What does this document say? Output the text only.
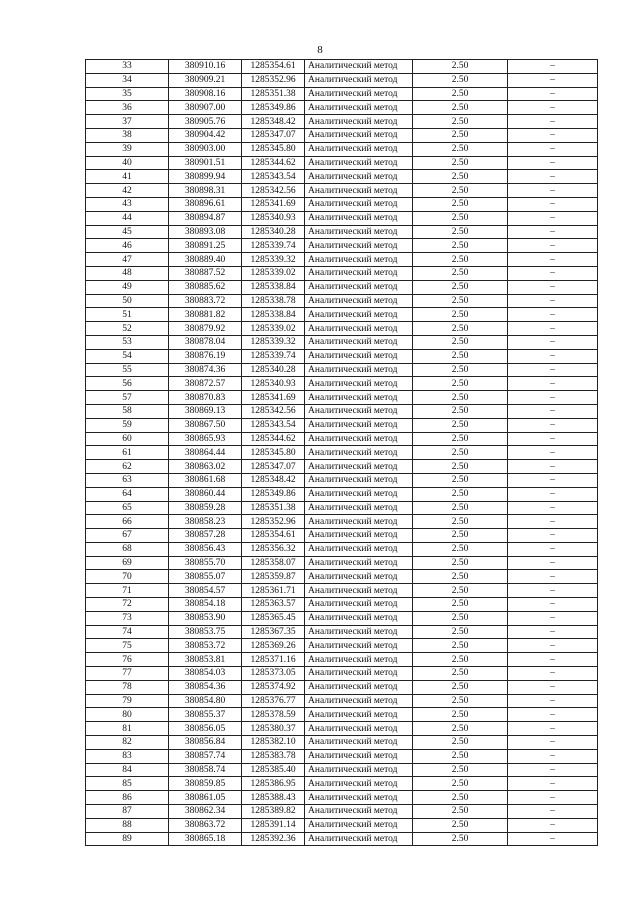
8
33	380910.16	1285354.61	Аналитический метод	2.50	–
34	380909.21	1285352.96	Аналитический метод	2.50	–
35	380908.16	1285351.38	Аналитический метод	2.50	–
36	380907.00	1285349.86	Аналитический метод	2.50	–
37	380905.76	1285348.42	Аналитический метод	2.50	–
38	380904.42	1285347.07	Аналитический метод	2.50	–
39	380903.00	1285345.80	Аналитический метод	2.50	–
40	380901.51	1285344.62	Аналитический метод	2.50	–
41	380899.94	1285343.54	Аналитический метод	2.50	–
42	380898.31	1285342.56	Аналитический метод	2.50	–
43	380896.61	1285341.69	Аналитический метод	2.50	–
44	380894.87	1285340.93	Аналитический метод	2.50	–
45	380893.08	1285340.28	Аналитический метод	2.50	–
46	380891.25	1285339.74	Аналитический метод	2.50	–
47	380889.40	1285339.32	Аналитический метод	2.50	–
48	380887.52	1285339.02	Аналитический метод	2.50	–
49	380885.62	1285338.84	Аналитический метод	2.50	–
50	380883.72	1285338.78	Аналитический метод	2.50	–
51	380881.82	1285338.84	Аналитический метод	2.50	–
52	380879.92	1285339.02	Аналитический метод	2.50	–
53	380878.04	1285339.32	Аналитический метод	2.50	–
54	380876.19	1285339.74	Аналитический метод	2.50	–
55	380874.36	1285340.28	Аналитический метод	2.50	–
56	380872.57	1285340.93	Аналитический метод	2.50	–
57	380870.83	1285341.69	Аналитический метод	2.50	–
58	380869.13	1285342.56	Аналитический метод	2.50	–
59	380867.50	1285343.54	Аналитический метод	2.50	–
60	380865.93	1285344.62	Аналитический метод	2.50	–
61	380864.44	1285345.80	Аналитический метод	2.50	–
62	380863.02	1285347.07	Аналитический метод	2.50	–
63	380861.68	1285348.42	Аналитический метод	2.50	–
64	380860.44	1285349.86	Аналитический метод	2.50	–
65	380859.28	1285351.38	Аналитический метод	2.50	–
66	380858.23	1285352.96	Аналитический метод	2.50	–
67	380857.28	1285354.61	Аналитический метод	2.50	–
68	380856.43	1285356.32	Аналитический метод	2.50	–
69	380855.70	1285358.07	Аналитический метод	2.50	–
70	380855.07	1285359.87	Аналитический метод	2.50	–
71	380854.57	1285361.71	Аналитический метод	2.50	–
72	380854.18	1285363.57	Аналитический метод	2.50	–
73	380853.90	1285365.45	Аналитический метод	2.50	–
74	380853.75	1285367.35	Аналитический метод	2.50	–
75	380853.72	1285369.26	Аналитический метод	2.50	–
76	380853.81	1285371.16	Аналитический метод	2.50	–
77	380854.03	1285373.05	Аналитический метод	2.50	–
78	380854.36	1285374.92	Аналитический метод	2.50	–
79	380854.80	1285376.77	Аналитический метод	2.50	–
80	380855.37	1285378.59	Аналитический метод	2.50	–
81	380856.05	1285380.37	Аналитический метод	2.50	–
82	380856.84	1285382.10	Аналитический метод	2.50	–
83	380857.74	1285383.78	Аналитический метод	2.50	–
84	380858.74	1285385.40	Аналитический метод	2.50	–
85	380859.85	1285386.95	Аналитический метод	2.50	–
86	380861.05	1285388.43	Аналитический метод	2.50	–
87	380862.34	1285389.82	Аналитический метод	2.50	–
88	380863.72	1285391.14	Аналитический метод	2.50	–
89	380865.18	1285392.36	Аналитический метод	2.50	–
